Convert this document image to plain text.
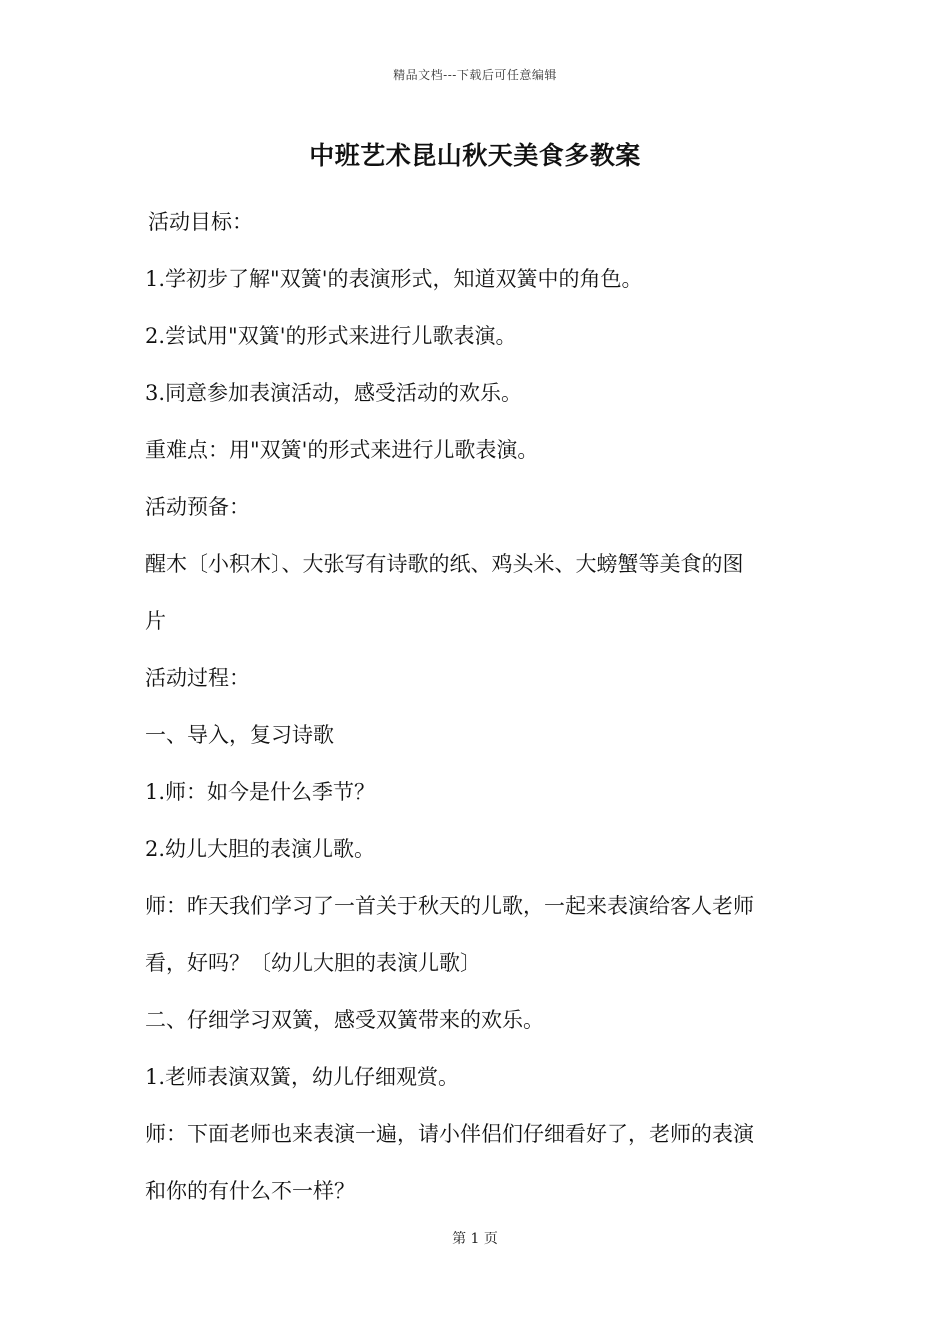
精品文档---下载后可任意编辑
中班艺术昆山秋天美食多教案
活动目标：
1.学初步了解"双簧'的表演形式，知道双簧中的角色。
2.尝试用"双簧'的形式来进行儿歌表演。
3.同意参加表演活动，感受活动的欢乐。
重难点：用"双簧'的形式来进行儿歌表演。
活动预备：
醒木〔小积木〕、大张写有诗歌的纸、鸡头米、大螃蟹等美食的图
片
活动过程：
一、导入，复习诗歌
1.师：如今是什么季节？
2.幼儿大胆的表演儿歌。
师：昨天我们学习了一首关于秋天的儿歌，一起来表演给客人老师
看，好吗？〔幼儿大胆的表演儿歌〕
二、仔细学习双簧，感受双簧带来的欢乐。
1.老师表演双簧，幼儿仔细观赏。
师：下面老师也来表演一遍，请小伴侣们仔细看好了，老师的表演
和你的有什么不一样？
第 1 页
